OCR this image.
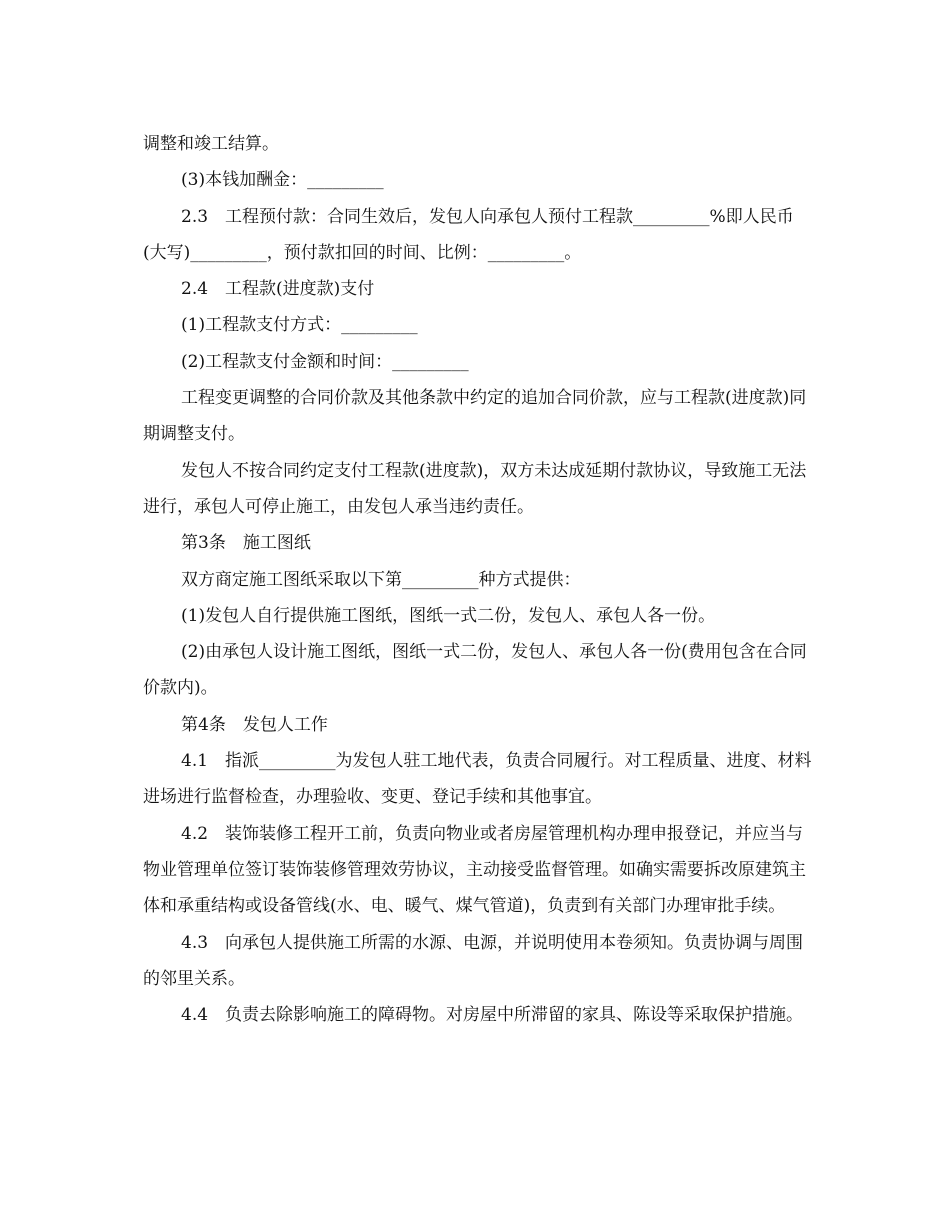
调整和竣工结算。

(3)本钱加酬金：_________

2.3　工程预付款：合同生效后，发包人向承包人预付工程款_________%即人民币(大写)_________，预付款扣回的时间、比例：_________。

2.4　工程款(进度款)支付

(1)工程款支付方式：_________

(2)工程款支付金额和时间：_________

工程变更调整的合同价款及其他条款中约定的追加合同价款，应与工程款(进度款)同期调整支付。

发包人不按合同约定支付工程款(进度款)，双方未达成延期付款协议，导致施工无法进行，承包人可停止施工，由发包人承当违约责任。

第3条　施工图纸

双方商定施工图纸采取以下第_________种方式提供：

(1)发包人自行提供施工图纸，图纸一式二份，发包人、承包人各一份。

(2)由承包人设计施工图纸，图纸一式二份，发包人、承包人各一份(费用包含在合同价款内)。

第4条　发包人工作

4.1　指派_________为发包人驻工地代表，负责合同履行。对工程质量、进度、材料进场进行监督检查，办理验收、变更、登记手续和其他事宜。

4.2　装饰装修工程开工前，负责向物业或者房屋管理机构办理申报登记，并应当与物业管理单位签订装饰装修管理效劳协议，主动接受监督管理。如确实需要拆改原建筑主体和承重结构或设备管线(水、电、暖气、煤气管道)，负责到有关部门办理审批手续。

4.3　向承包人提供施工所需的水源、电源，并说明使用本卷须知。负责协调与周围的邻里关系。

4.4　负责去除影响施工的障碍物。对房屋中所滞留的家具、陈设等采取保护措施。
